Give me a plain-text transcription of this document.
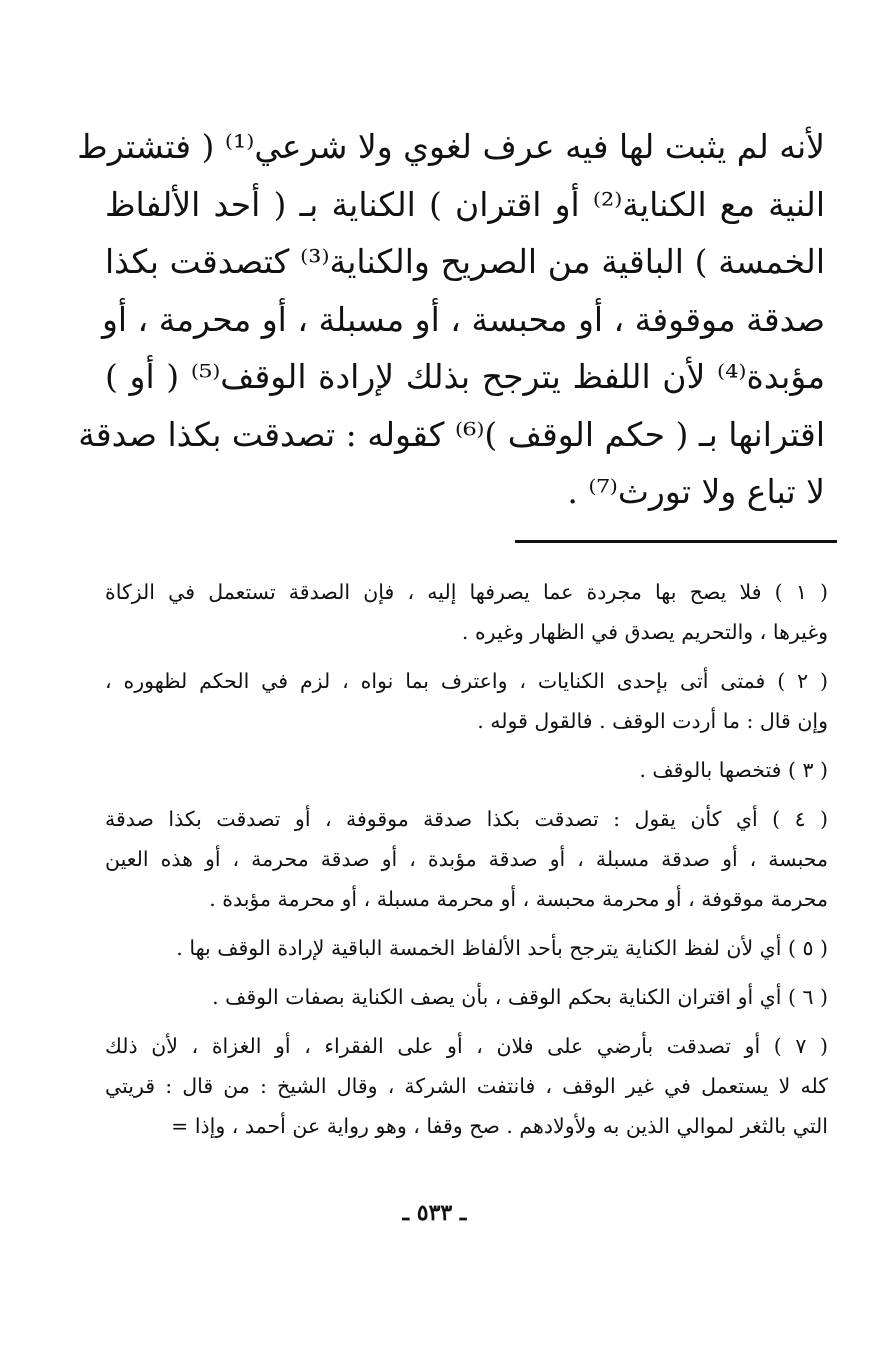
لأنه لم يثبت لها فيه عرف لغوي ولا شرعي⁽¹⁾ ( فتشترط
النية مع الكناية⁽²⁾ أو اقتران ) الكناية بـ ( أحد الألفاظ
الخمسة ) الباقية من الصريح والكناية⁽³⁾ كتصدقت بكذا
صدقة موقوفة ، أو محبسة ، أو مسبلة ، أو محرمة ، أو
مؤبدة⁽⁴⁾ لأن اللفظ يترجح بذلك لإرادة الوقف⁽⁵⁾ ( أو )
اقترانها بـ ( حكم الوقف )⁽⁶⁾ كقوله : تصدقت بكذا صدقة
لا تباع ولا تورث⁽⁷⁾ .
( ١ ) فلا يصح بها مجردة عما يصرفها إليه ، فإن الصدقة تستعمل في الزكاة
وغيرها ، والتحريم يصدق في الظهار وغيره .
( ٢ ) فمتى أتى بإحدى الكنايات ، واعترف بما نواه ، لزم في الحكم لظهوره ،
وإن قال : ما أردت الوقف . فالقول قوله .
( ٣ ) فتخصها بالوقف .
( ٤ ) أي كأن يقول : تصدقت بكذا صدقة موقوفة ، أو تصدقت بكذا صدقة
محبسة ، أو صدقة مسبلة ، أو صدقة مؤبدة ، أو صدقة محرمة ، أو هذه العين
محرمة موقوفة ، أو محرمة محبسة ، أو محرمة مسبلة ، أو محرمة مؤبدة .
( ٥ ) أي لأن لفظ الكناية يترجح بأحد الألفاظ الخمسة الباقية لإرادة الوقف بها .
( ٦ ) أي أو اقتران الكناية بحكم الوقف ، بأن يصف الكناية بصفات الوقف .
( ٧ ) أو تصدقت بأرضي على فلان ، أو على الفقراء ، أو الغزاة ، لأن ذلك
كله لا يستعمل في غير الوقف ، فانتفت الشركة ، وقال الشيخ : من قال : قريتي
التي بالثغر لموالي الذين به ولأولادهم . صح وقفا ، وهو رواية عن أحمد ، وإذا =
ـ ٥٣٣ ـ
